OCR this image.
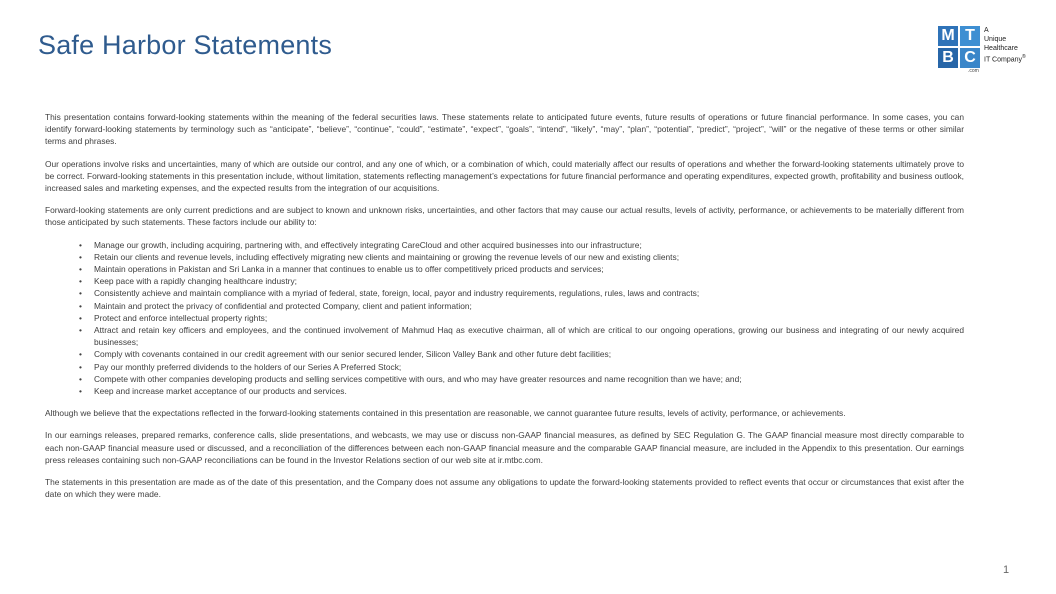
Safe Harbor Statements	M T
B C
A
Unique
Healthcare
IT Company®
.com

This presentation contains forward-looking statements within the meaning of the federal securities laws. These statements relate to anticipated future events, future results of operations or future financial performance. In some cases, you can identify forward-looking statements by terminology such as “anticipate”, “believe”, “continue”, “could”, “estimate”, “expect”, “goals”, “intend”, “likely”, “may”, “plan”, “potential”, “predict”, “project”, “will” or the negative of these terms or other similar terms and phrases.

Our operations involve risks and uncertainties, many of which are outside our control, and any one of which, or a combination of which, could materially affect our results of operations and whether the forward-looking statements ultimately prove to be correct. Forward-looking statements in this presentation include, without limitation, statements reflecting management’s expectations for future financial performance and operating expenditures, expected growth, profitability and business outlook, increased sales and marketing expenses, and the expected results from the integration of our acquisitions.

Forward-looking statements are only current predictions and are subject to known and unknown risks, uncertainties, and other factors that may cause our actual results, levels of activity, performance, or achievements to be materially different from those anticipated by such statements. These factors include our ability to:

• Manage our growth, including acquiring, partnering with, and effectively integrating CareCloud and other acquired businesses into our infrastructure;
• Retain our clients and revenue levels, including effectively migrating new clients and maintaining or growing the revenue levels of our new and existing clients;
• Maintain operations in Pakistan and Sri Lanka in a manner that continues to enable us to offer competitively priced products and services;
• Keep pace with a rapidly changing healthcare industry;
• Consistently achieve and maintain compliance with a myriad of federal, state, foreign, local, payor and industry requirements, regulations, rules, laws and contracts;
• Maintain and protect the privacy of confidential and protected Company, client and patient information;
• Protect and enforce intellectual property rights;
• Attract and retain key officers and employees, and the continued involvement of Mahmud Haq as executive chairman, all of which are critical to our ongoing operations, growing our business and integrating of our newly acquired businesses;
• Comply with covenants contained in our credit agreement with our senior secured lender, Silicon Valley Bank and other future debt facilities;
• Pay our monthly preferred dividends to the holders of our Series A Preferred Stock;
• Compete with other companies developing products and selling services competitive with ours, and who may have greater resources and name recognition than we have; and;
• Keep and increase market acceptance of our products and services.

Although we believe that the expectations reflected in the forward-looking statements contained in this presentation are reasonable, we cannot guarantee future results, levels of activity, performance, or achievements.

In our earnings releases, prepared remarks, conference calls, slide presentations, and webcasts, we may use or discuss non-GAAP financial measures, as defined by SEC Regulation G. The GAAP financial measure most directly comparable to each non-GAAP financial measure used or discussed, and a reconciliation of the differences between each non-GAAP financial measure and the comparable GAAP financial measure, are included in the Appendix to this presentation. Our earnings press releases containing such non-GAAP reconciliations can be found in the Investor Relations section of our web site at ir.mtbc.com.

The statements in this presentation are made as of the date of this presentation, and the Company does not assume any obligations to update the forward-looking statements provided to reflect events that occur or circumstances that exist after the date on which they were made.

1
